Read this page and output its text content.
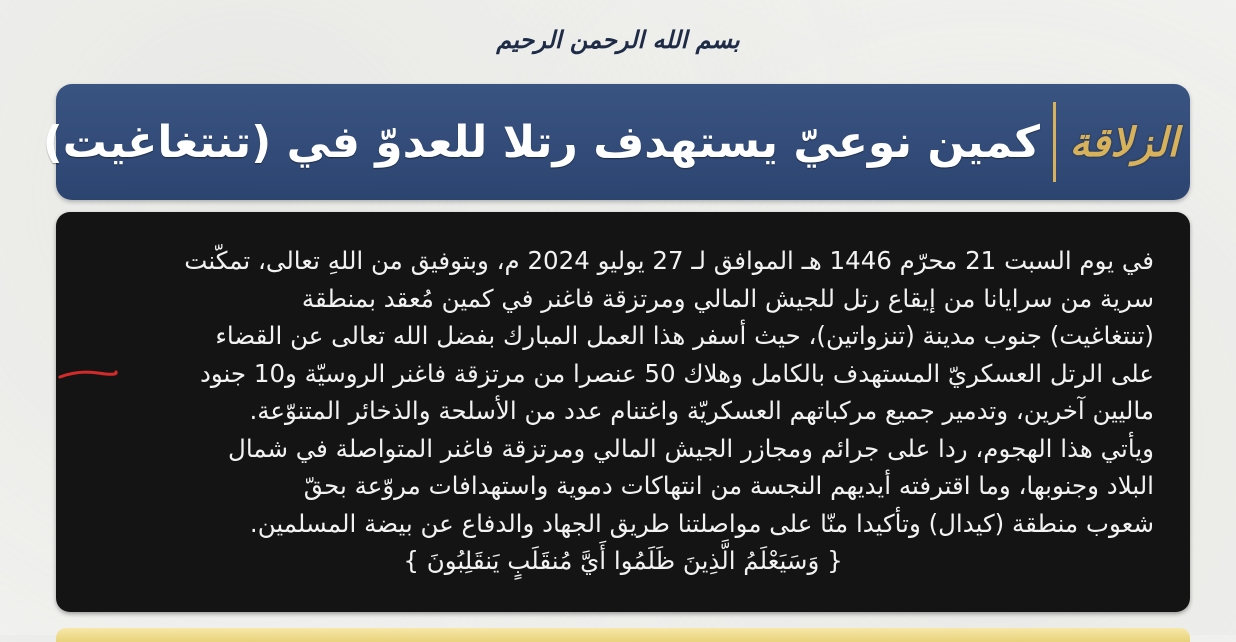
بسم الله الرحمن الرحيم
الزلاقة
كمين نوعيّ يستهدف رتلا للعدوّ في (تنتغاغيت)
في يوم السبت 21 محرّم 1446 هـ الموافق لـ 27 يوليو 2024 م، وبتوفيق من اللهِ تعالى، تمكّنت
سرية من سرايانا من إيقاع رتل للجيش المالي ومرتزقة فاغنر في كمين مُعقد بمنطقة
(تنتغاغيت) جنوب مدينة (تنزواتين)، حيث أسفر هذا العمل المبارك بفضل الله تعالى عن القضاء
على الرتل العسكريّ المستهدف بالكامل وهلاك 50 عنصرا من مرتزقة فاغنر الروسيّة و10 جنود
ماليين آخرين، وتدمير جميع مركباتهم العسكريّة واغتنام عدد من الأسلحة والذخائر المتنوّعة.
ويأتي هذا الهجوم، ردا على جرائم ومجازر الجيش المالي ومرتزقة فاغنر المتواصلة في شمال
البلاد وجنوبها، وما اقترفته أيديهم النجسة من انتهاكات دموية واستهدافات مروّعة بحقّ
شعوب منطقة (كيدال) وتأكيدا منّا على مواصلتنا طريق الجهاد والدفاع عن بيضة المسلمين.
{ وَسَيَعْلَمُ الَّذِينَ ظَلَمُوا أَيَّ مُنقَلَبٍ يَنقَلِبُونَ }
